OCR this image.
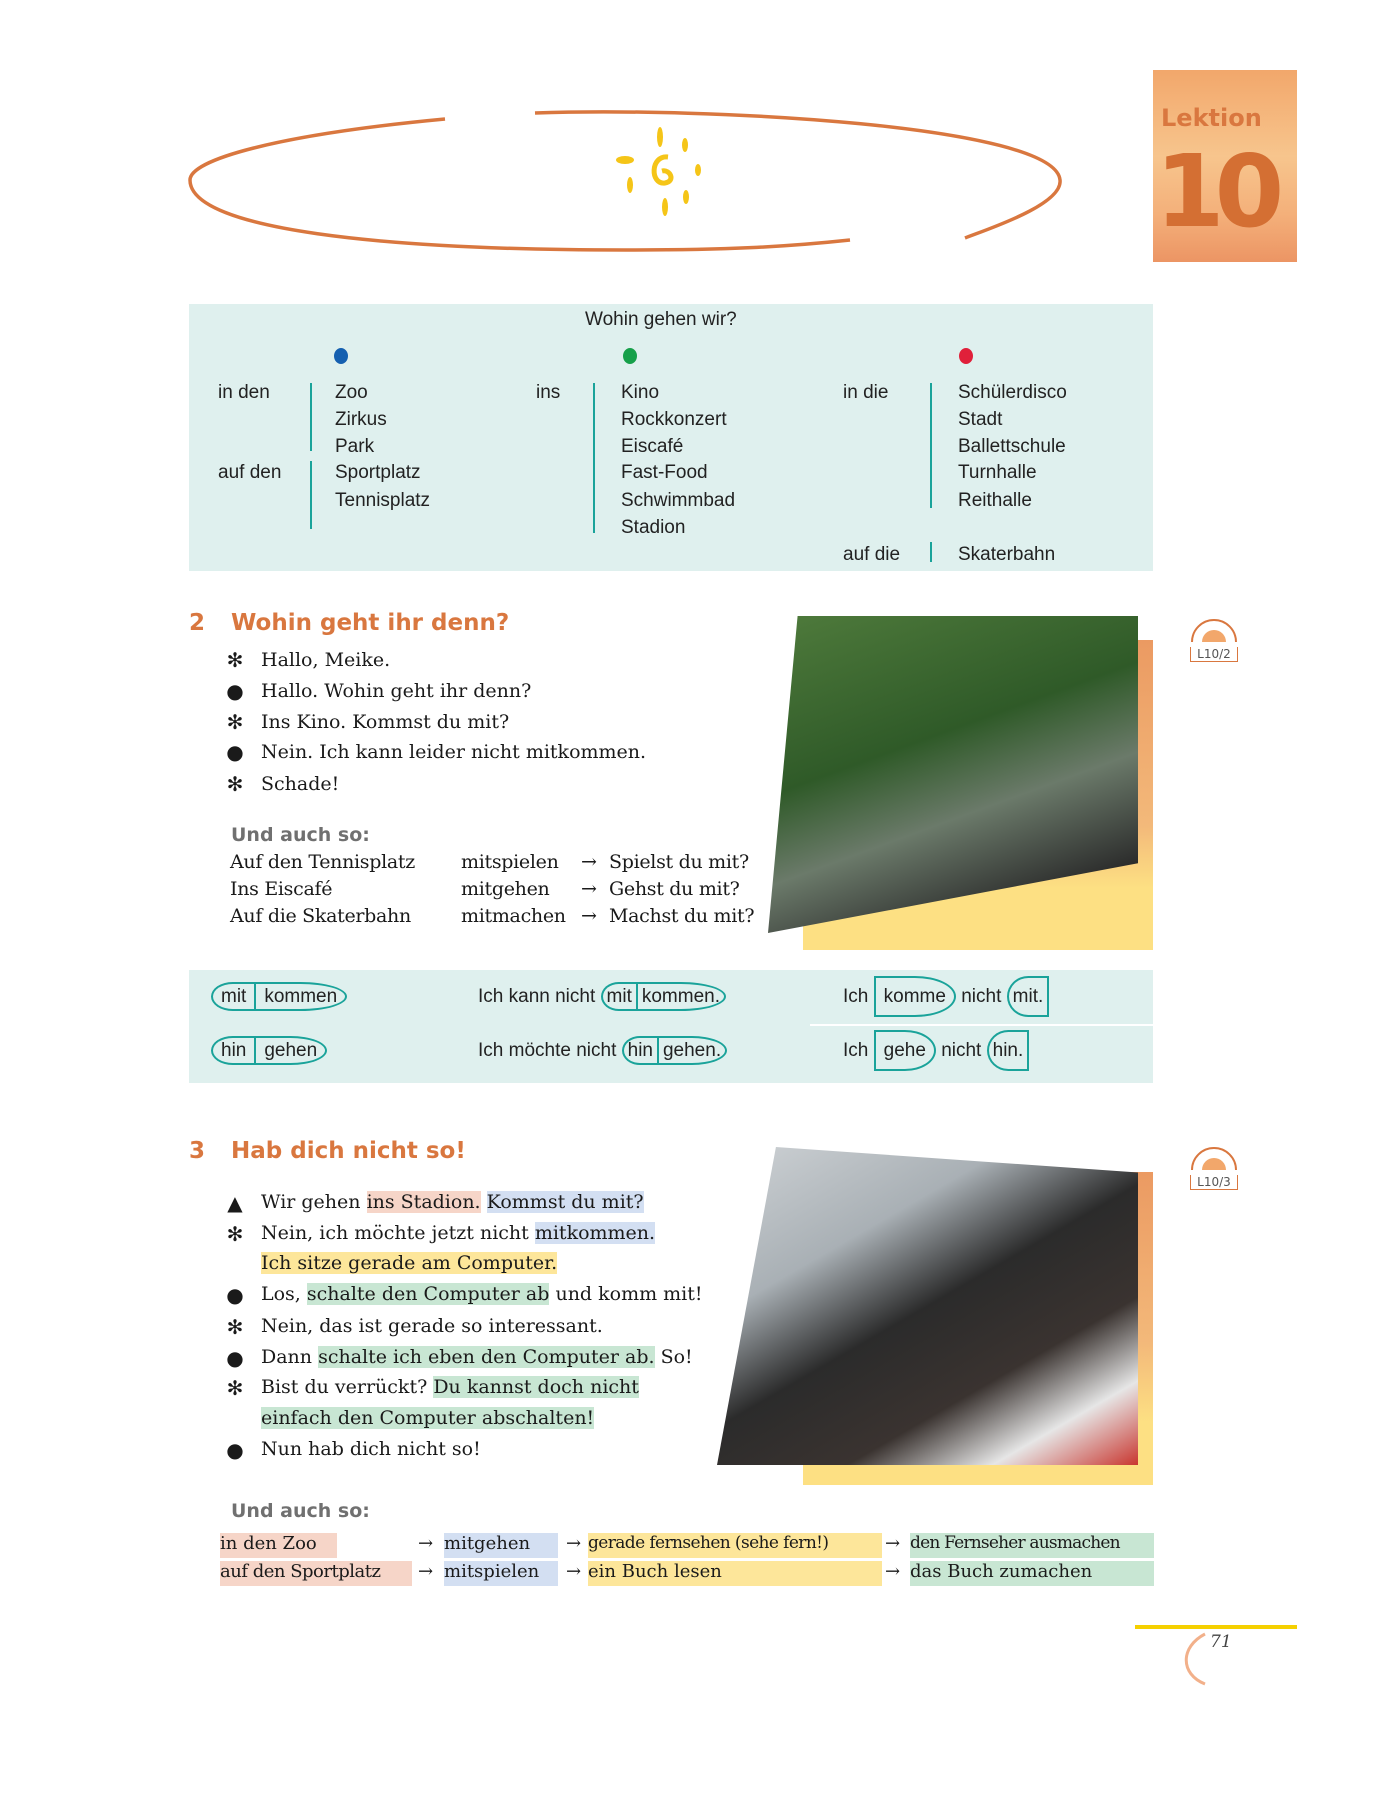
Lektion
10
Wohin gehen wir?
in den	Zoo
Zirkus
Park
auf den	Sportplatz
Tennisplatz
ins	Kino
Rockkonzert
Eiscafé
Fast-Food
Schwimmbad
Stadion
in die	Schülerdisco
Stadt
Ballettschule
Turnhalle
Reithalle
auf die	Skaterbahn
2 Wohin geht ihr denn?
✻ Hallo, Meike.
● Hallo. Wohin geht ihr denn?
✻ Ins Kino. Kommst du mit?
● Nein. Ich kann leider nicht mitkommen.
✻ Schade!
Und auch so:
Auf den Tennisplatz mitspielen → Spielst du mit?
Ins Eiscafé	mitgehen → Gehst du mit?
Auf die Skaterbahn	mitmachen → Machst du mit?
L10/2
mit kommen	Ich kann nicht mit kommen.	Ich komme nicht mit.
hin gehen	Ich möchte nicht hin gehen.	Ich gehe nicht hin.
3 Hab dich nicht so!
▲ Wir gehen ins Stadion. Kommst du mit?
✻ Nein, ich möchte jetzt nicht mitkommen.
Ich sitze gerade am Computer.
● Los, schalte den Computer ab und komm mit!
✻ Nein, das ist gerade so interessant.
● Dann schalte ich eben den Computer ab. So!
✻ Bist du verrückt? Du kannst doch nicht
einfach den Computer abschalten!
● Nun hab dich nicht so!
L10/3
Und auch so:
in den Zoo	→ mitgehen	→ gerade fernsehen (sehe fern!)	→ den Fernseher ausmachen
auf den Sportplatz	→ mitspielen	→ ein Buch lesen	→ das Buch zumachen
71
